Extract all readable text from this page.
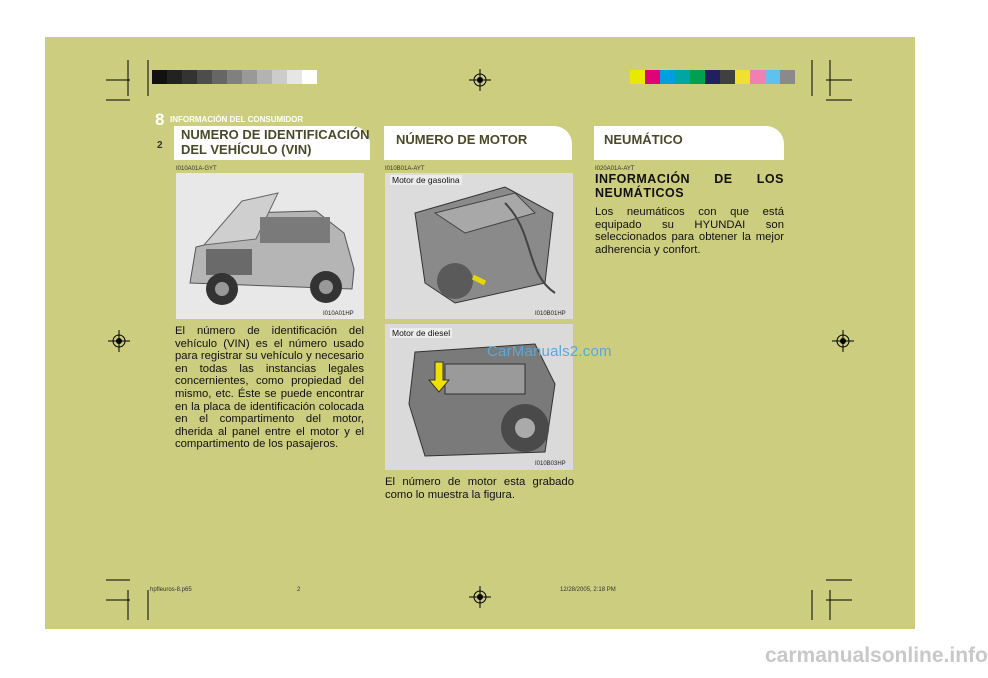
8 INFORMACIÓN DEL CONSUMIDOR
2
NUMERO DE IDENTIFICACIÓN
DEL VEHÍCULO (VIN)
I010A01A-GYT
I010A01HP
El número de identificación del vehículo (VIN) es el número usado para registrar su vehículo y necesario en todas las instancias legales concernientes, como propiedad del mismo, etc. Éste se puede encontrar en la placa de identificación colocada en el compartimento del motor, dherida al panel entre el motor y el compartimento de los pasajeros.
NÚMERO DE MOTOR
I010B01A-AYT
Motor de gasolina
I010B01HP
Motor de diesel
I010B03HP
El número de motor esta grabado como lo muestra la figura.
NEUMÁTICO
I020A01A-AYT
INFORMACIÓN DE LOS NEUMÁTICOS
Los neumáticos con que está equipado su HYUNDAI son seleccionados para obtener la mejor adherencia y confort.
CarManuals2.com
hpfleuros-8.p65	2	12/28/2005, 2:18 PM
carmanualsonline.info
